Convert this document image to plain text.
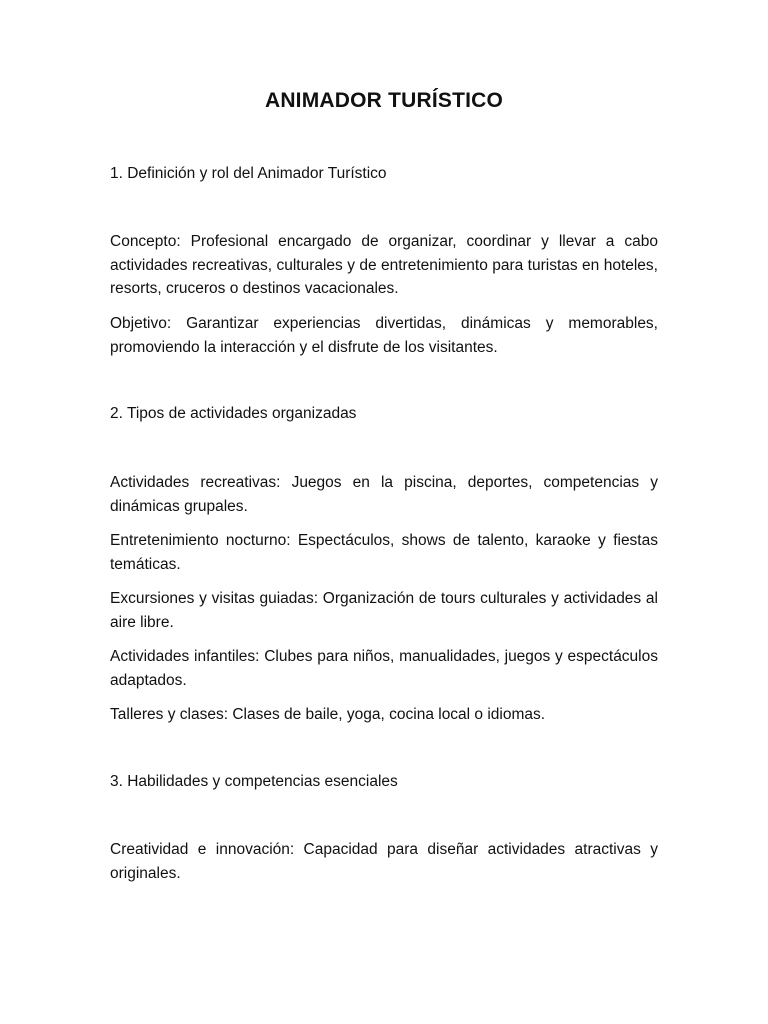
ANIMADOR TURÍSTICO
1. Definición y rol del Animador Turístico
Concepto: Profesional encargado de organizar, coordinar y llevar a cabo actividades recreativas, culturales y de entretenimiento para turistas en hoteles, resorts, cruceros o destinos vacacionales.
Objetivo: Garantizar experiencias divertidas, dinámicas y memorables, promoviendo la interacción y el disfrute de los visitantes.
2. Tipos de actividades organizadas
Actividades recreativas: Juegos en la piscina, deportes, competencias y dinámicas grupales.
Entretenimiento nocturno: Espectáculos, shows de talento, karaoke y fiestas temáticas.
Excursiones y visitas guiadas: Organización de tours culturales y actividades al aire libre.
Actividades infantiles: Clubes para niños, manualidades, juegos y espectáculos adaptados.
Talleres y clases: Clases de baile, yoga, cocina local o idiomas.
3. Habilidades y competencias esenciales
Creatividad e innovación: Capacidad para diseñar actividades atractivas y originales.
